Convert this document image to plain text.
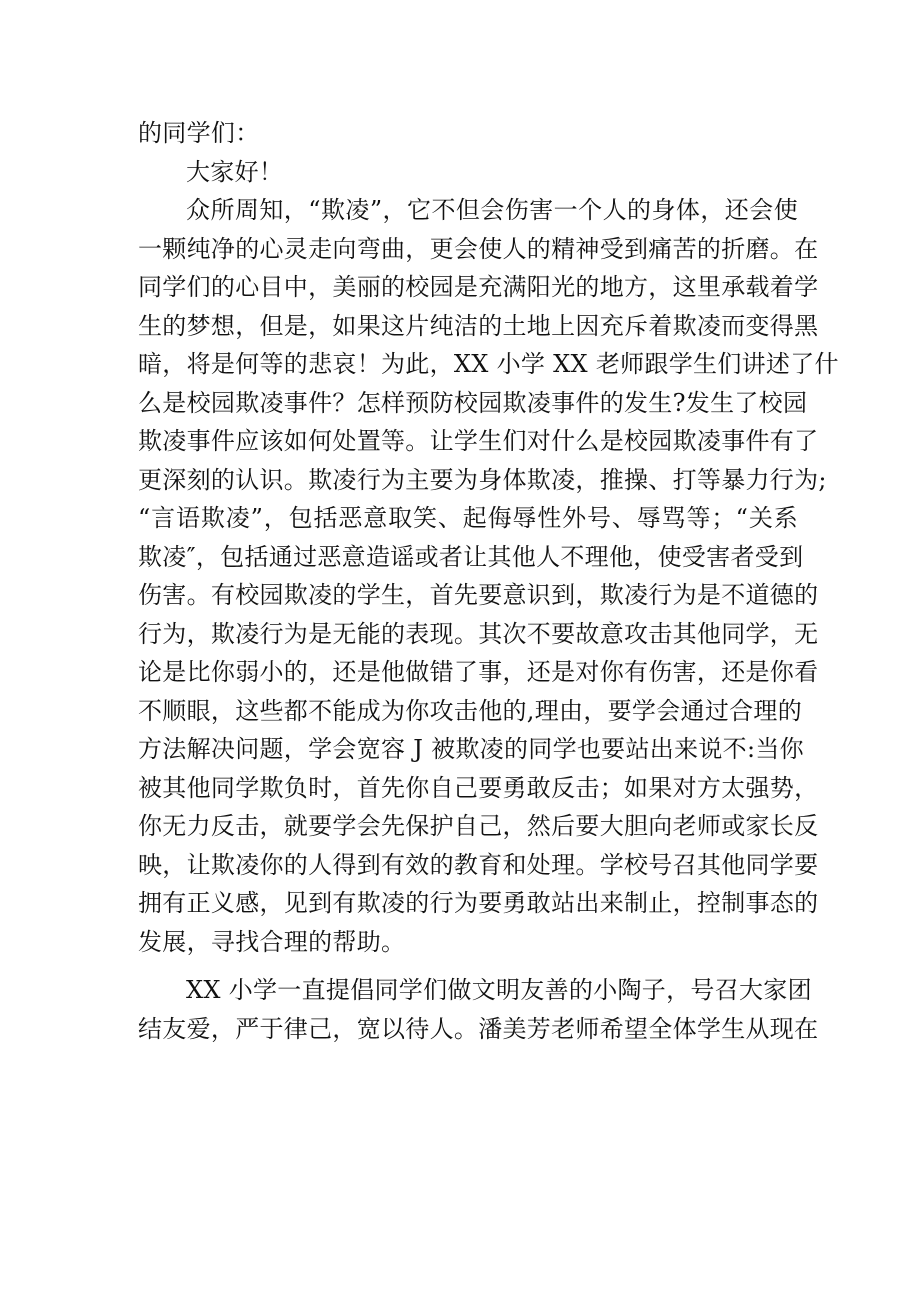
的同学们：
大家好！
众所周知，“欺凌”，它不但会伤害一个人的身体，还会使
一颗纯净的心灵走向弯曲，更会使人的精神受到痛苦的折磨。在
同学们的心目中，美丽的校园是充满阳光的地方，这里承载着学
生的梦想，但是，如果这片纯洁的土地上因充斥着欺凌而变得黑
暗，将是何等的悲哀！为此，XX 小学 XX 老师跟学生们讲述了什
么是校园欺凌事件？怎样预防校园欺凌事件的发生?发生了校园
欺凌事件应该如何处置等。让学生们对什么是校园欺凌事件有了
更深刻的认识。欺凌行为主要为身体欺凌，推操、打等暴力行为;
“言语欺凌”，包括恶意取笑、起侮辱性外号、辱骂等；“关系
欺凌″，包括通过恶意造谣或者让其他人不理他，使受害者受到
伤害。有校园欺凌的学生，首先要意识到，欺凌行为是不道德的
行为，欺凌行为是无能的表现。其次不要故意攻击其他同学，无
论是比你弱小的，还是他做错了事，还是对你有伤害，还是你看
不顺眼，这些都不能成为你攻击他的,理由，要学会通过合理的
方法解决问题，学会宽容 J 被欺凌的同学也要站出来说不:当你
被其他同学欺负时，首先你自己要勇敢反击；如果对方太强势，
你无力反击，就要学会先保护自己，然后要大胆向老师或家长反
映，让欺凌你的人得到有效的教育和处理。学校号召其他同学要
拥有正义感，见到有欺凌的行为要勇敢站出来制止，控制事态的
发展，寻找合理的帮助。
XX 小学一直提倡同学们做文明友善的小陶子，号召大家团
结友爱，严于律己，宽以待人。潘美芳老师希望全体学生从现在
